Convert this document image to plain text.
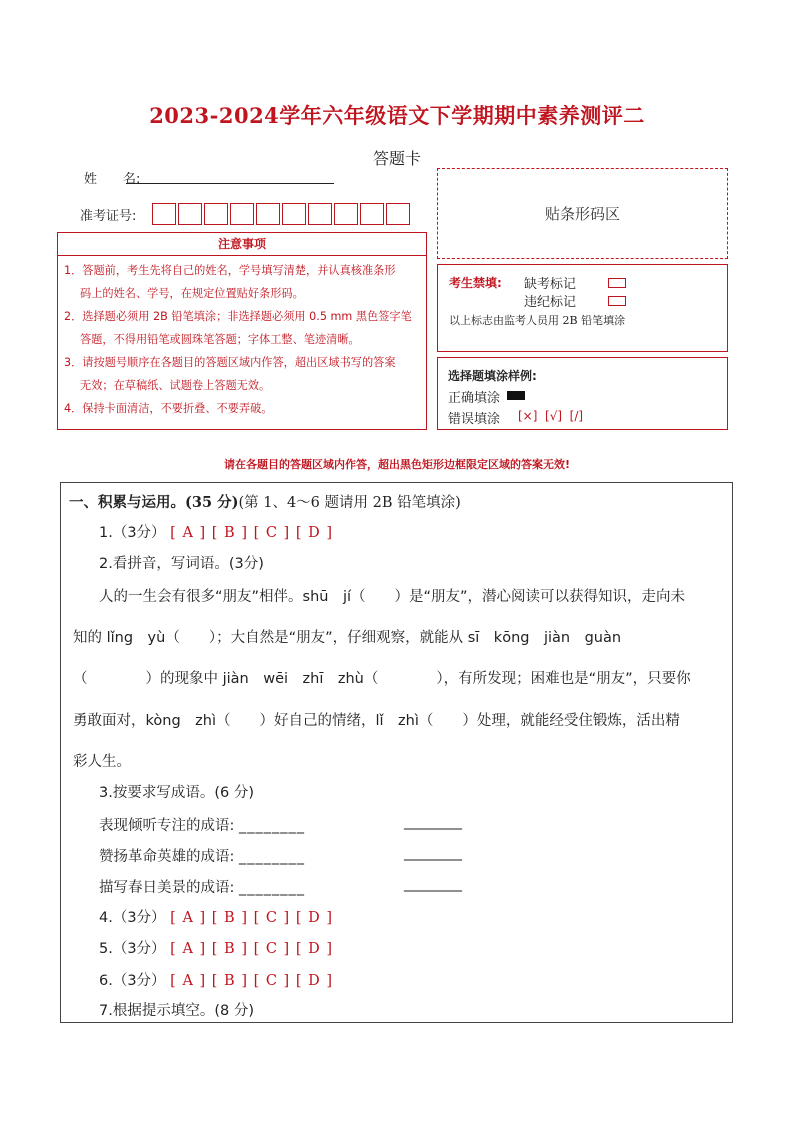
2023-2024学年六年级语文下学期期中素养测评二
答题卡
姓　　名:
准考证号:	贴条形码区
注意事项
1．答题前，考生先将自己的姓名，学号填写清楚，并认真核准条形
码上的姓名、学号，在规定位置贴好条形码。
2．选择题必须用 2B 铅笔填涂；非选择题必须用 0.5 mm 黑色签字笔
答题，不得用铅笔或圆珠笔答题；字体工整、笔迹清晰。
3．请按题号顺序在各题目的答题区域内作答，超出区域书写的答案
无效；在草稿纸、试题卷上答题无效。
4．保持卡面清洁，不要折叠、不要弄破。
考生禁填: 缺考标记
违纪标记
以上标志由监考人员用 2B 铅笔填涂
选择题填涂样例:
正确填涂
错误填涂 [×]  [√]  [/]
请在各题目的答题区域内作答，超出黑色矩形边框限定区域的答案无效!
一、积累与运用。(35 分)(第 1、4～6 题请用 2B 铅笔填涂)
1.（3分） [ A ] [ B ] [ C ] [ D ]
2.看拼音，写词语。(3分)
人的一生会有很多“朋友”相伴。shū　jí（　　）是“朋友”，潜心阅读可以获得知识，走向未
知的 lǐng　yù（　　）；大自然是“朋友”，仔细观察，就能从 sī　kōng　jiàn　guàn
（　　　　）的现象中 jiàn　wēi　zhī　zhù（　　　　），有所发现；困难也是“朋友”，只要你
勇敢面对，kòng　zhì（　　）好自己的情绪，lǐ　zhì（　　）处理，就能经受住锻炼，活出精
彩人生。
3.按要求写成语。(6 分)
表现倾听专注的成语: ________	________
赞扬革命英雄的成语: ________	________
描写春日美景的成语: ________	________
4.（3分） [ A ] [ B ] [ C ] [ D ]
5.（3分） [ A ] [ B ] [ C ] [ D ]
6.（3分） [ A ] [ B ] [ C ] [ D ]
7.根据提示填空。(8 分)
